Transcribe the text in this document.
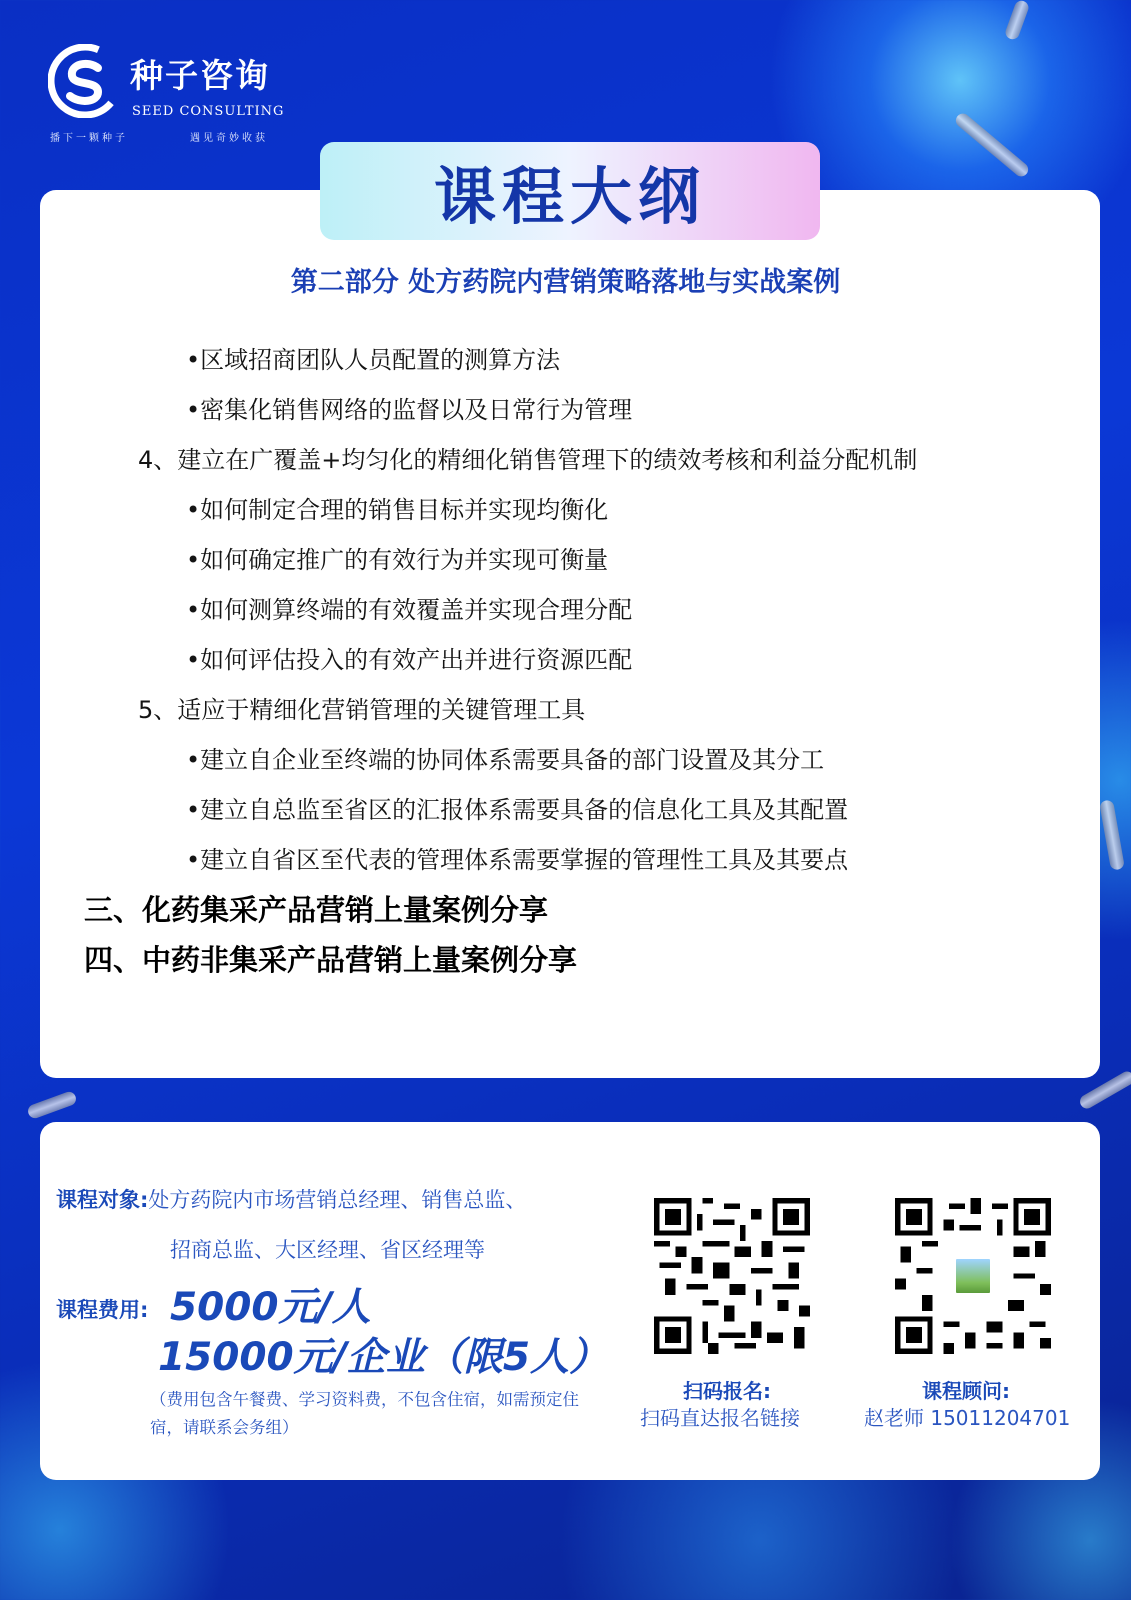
种子咨询
SEED CONSULTING
播下一颗种子	遇见奇妙收获
课程大纲
第二部分 处方药院内营销策略落地与实战案例
•区域招商团队人员配置的测算方法
•密集化销售网络的监督以及日常行为管理
4、建立在广覆盖+均匀化的精细化销售管理下的绩效考核和利益分配机制
•如何制定合理的销售目标并实现均衡化
•如何确定推广的有效行为并实现可衡量
•如何测算终端的有效覆盖并实现合理分配
•如何评估投入的有效产出并进行资源匹配
5、适应于精细化营销管理的关键管理工具
•建立自企业至终端的协同体系需要具备的部门设置及其分工
•建立自总监至省区的汇报体系需要具备的信息化工具及其配置
•建立自省区至代表的管理体系需要掌握的管理性工具及其要点
三、化药集采产品营销上量案例分享
四、中药非集采产品营销上量案例分享
课程对象:处方药院内市场营销总经理、销售总监、
招商总监、大区经理、省区经理等
课程费用: 5000元/人
15000元/企业（限5人）
（费用包含午餐费、学习资料费，不包含住宿，如需预定住宿，请联系会务组）
扫码报名:
扫码直达报名链接
课程顾问:
赵老师 15011204701
